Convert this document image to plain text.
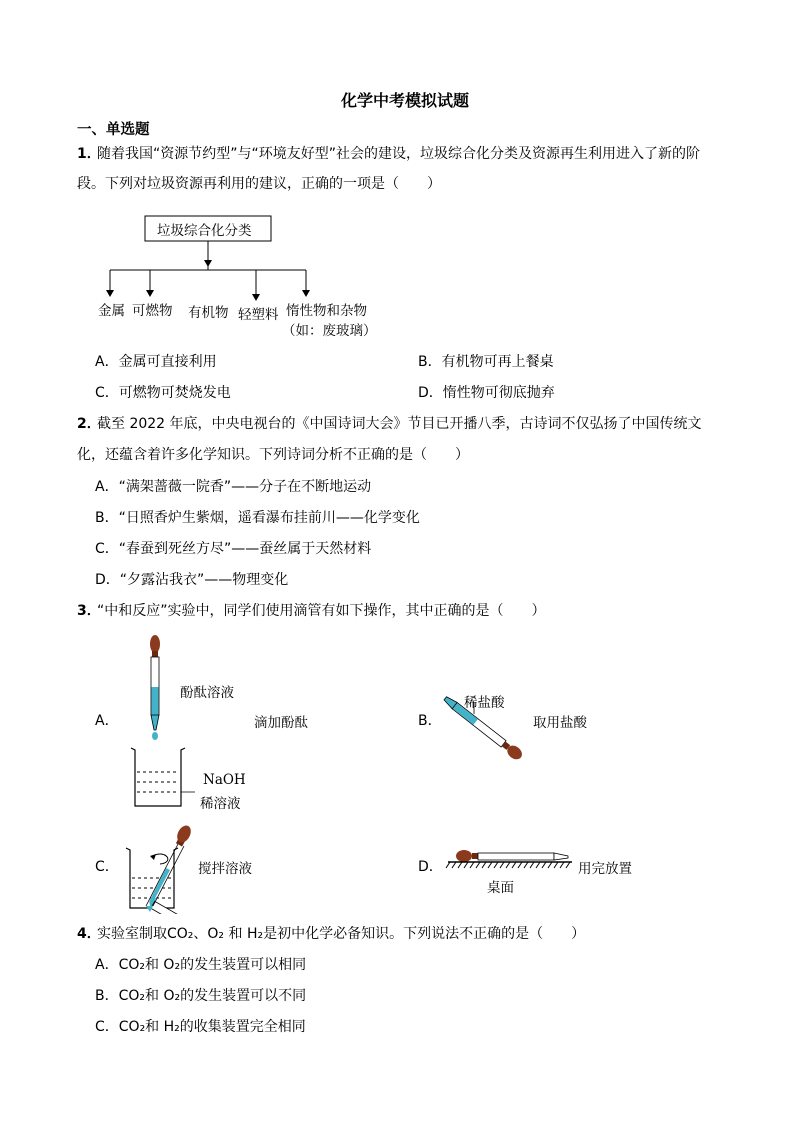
化学中考模拟试题
一、单选题
1．
随着我国“资源节约型”与“环境友好型”社会的建设，垃圾综合化分类及资源再生利用进入了新的阶
段。下列对垃圾资源再利用的建议，正确的一项是（　　）
垃圾综合化分类
金属 可燃物 有机物 轻塑料 惰性物和杂物
（如：废玻璃）
A．金属可直接利用	B．有机物可再上餐桌
C．可燃物可焚烧发电	D．惰性物可彻底抛弃
2．
截至 2022 年底，中央电视台的《中国诗词大会》节目已开播八季，古诗词不仅弘扬了中国传统文
化，还蕴含着许多化学知识。下列诗词分析不正确的是（　　）
A．“满架蔷薇一院香”——分子在不断地运动
B．“日照香炉生紫烟，遥看瀑布挂前川——化学变化
C．“春蚕到死丝方尽”——蚕丝属于天然材料
D．“夕露沾我衣”——物理变化
3．
“中和反应”实验中，同学们使用滴管有如下操作，其中正确的是（　　）
A．
酚酞溶液
滴加酚酞
NaOH
稀溶液
B．
稀盐酸
取用盐酸
C．	搅拌溶液	D．	用完放置
桌面
4．
实验室制取CO₂、O₂ 和 H₂是初中化学必备知识。下列说法不正确的是（　　）
A．CO₂和 O₂的发生装置可以相同
B．CO₂和 O₂的发生装置可以不同
C．CO₂和 H₂的收集装置完全相同
